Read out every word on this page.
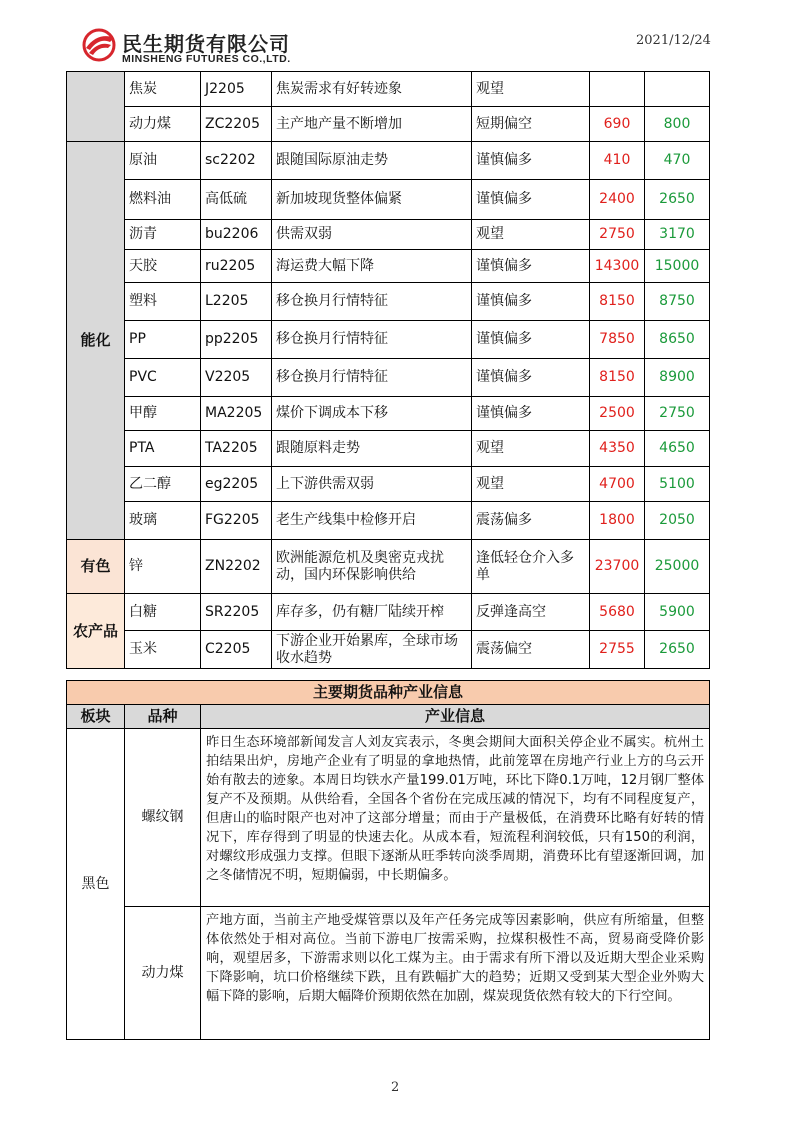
民生期货有限公司
MINSHENG FUTURES CO.,LTD.
2021/12/24
	焦炭	J2205	焦炭需求有好转迹象	观望		
	动力煤	ZC2205	主产地产量不断增加	短期偏空	690	800
能化	原油	sc2202	跟随国际原油走势	谨慎偏多	410	470
	燃料油	高低硫	新加坡现货整体偏紧	谨慎偏多	2400	2650
	沥青	bu2206	供需双弱	观望	2750	3170
	天胶	ru2205	海运费大幅下降	谨慎偏多	14300	15000
	塑料	L2205	移仓换月行情特征	谨慎偏多	8150	8750
	PP	pp2205	移仓换月行情特征	谨慎偏多	7850	8650
	PVC	V2205	移仓换月行情特征	谨慎偏多	8150	8900
	甲醇	MA2205	煤价下调成本下移	谨慎偏多	2500	2750
	PTA	TA2205	跟随原料走势	观望	4350	4650
	乙二醇	eg2205	上下游供需双弱	观望	4700	5100
	玻璃	FG2205	老生产线集中检修开启	震荡偏多	1800	2050
有色	锌	ZN2202	欧洲能源危机及奥密克戎扰动，国内环保影响供给	逢低轻仓介入多单	23700	25000
农产品	白糖	SR2205	库存多，仍有糖厂陆续开榨	反弹逢高空	5680	5900
	玉米	C2205	下游企业开始累库，全球市场收水趋势	震荡偏空	2755	2650
主要期货品种产业信息		
板块	品种	产业信息
黑色	螺纹钢	昨日生态环境部新闻发言人刘友宾表示，冬奥会期间大面积关停企业不属实。杭州土拍结果出炉，房地产企业有了明显的拿地热情，此前笼罩在房地产行业上方的乌云开始有散去的迹象。本周日均铁水产量199.01万吨，环比下降0.1万吨，12月钢厂整体复产不及预期。从供给看，全国各个省份在完成压减的情况下，均有不同程度复产，但唐山的临时限产也对冲了这部分增量；而由于产量极低，在消费环比略有好转的情况下，库存得到了明显的快速去化。从成本看，短流程利润较低，只有150的利润，对螺纹形成强力支撑。但眼下逐渐从旺季转向淡季周期，消费环比有望逐渐回调，加之冬储情况不明，短期偏弱，中长期偏多。
	动力煤	产地方面，当前主产地受煤管票以及年产任务完成等因素影响，供应有所缩量，但整体依然处于相对高位。当前下游电厂按需采购，拉煤积极性不高，贸易商受降价影响，观望居多，下游需求则以化工煤为主。由于需求有所下滑以及近期大型企业采购下降影响，坑口价格继续下跌，且有跌幅扩大的趋势；近期又受到某大型企业外购大幅下降的影响，后期大幅降价预期依然在加剧，煤炭现货依然有较大的下行空间。
2
